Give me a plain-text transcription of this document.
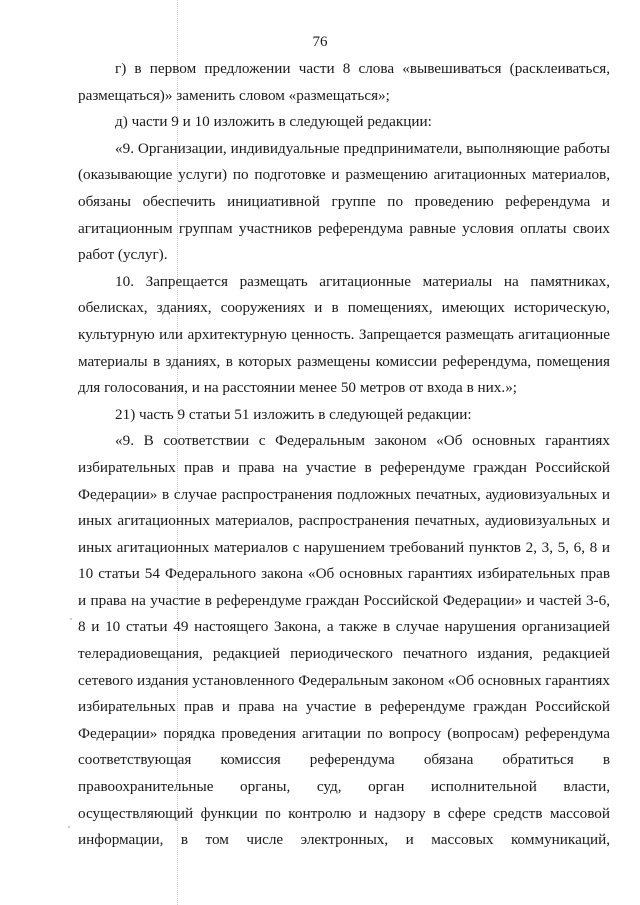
76

г) в первом предложении части 8 слова «вывешиваться (расклеиваться, размещаться)» заменить словом «размещаться»;

д) части 9 и 10 изложить в следующей редакции:

«9. Организации, индивидуальные предприниматели, выполняющие работы (оказывающие услуги) по подготовке и размещению агитационных материалов, обязаны обеспечить инициативной группе по проведению референдума и агитационным группам участников референдума равные условия оплаты своих работ (услуг).

10. Запрещается размещать агитационные материалы на памятниках, обелисках, зданиях, сооружениях и в помещениях, имеющих историческую, культурную или архитектурную ценность. Запрещается размещать агитационные материалы в зданиях, в которых размещены комиссии референдума, помещения для голосования, и на расстоянии менее 50 метров от входа в них.»;

21) часть 9 статьи 51 изложить в следующей редакции:

«9. В соответствии с Федеральным законом «Об основных гарантиях избирательных прав и права на участие в референдуме граждан Российской Федерации» в случае распространения подложных печатных, аудиовизуальных и иных агитационных материалов, распространения печатных, аудиовизуальных и иных агитационных материалов с нарушением требований пунктов 2, 3, 5, 6, 8 и 10 статьи 54 Федерального закона «Об основных гарантиях избирательных прав и права на участие в референдуме граждан Российской Федерации» и частей 3-6, 8 и 10 статьи 49 настоящего Закона, а также в случае нарушения организацией телерадиовещания, редакцией периодического печатного издания, редакцией сетевого издания установленного Федеральным законом «Об основных гарантиях избирательных прав и права на участие в референдуме граждан Российской Федерации» порядка проведения агитации по вопросу (вопросам) референдума соответствующая комиссия референдума обязана обратиться в правоохранительные органы, суд, орган исполнительной власти, осуществляющий функции по контролю и надзору в сфере средств массовой информации, в том числе электронных, и массовых коммуникаций,
